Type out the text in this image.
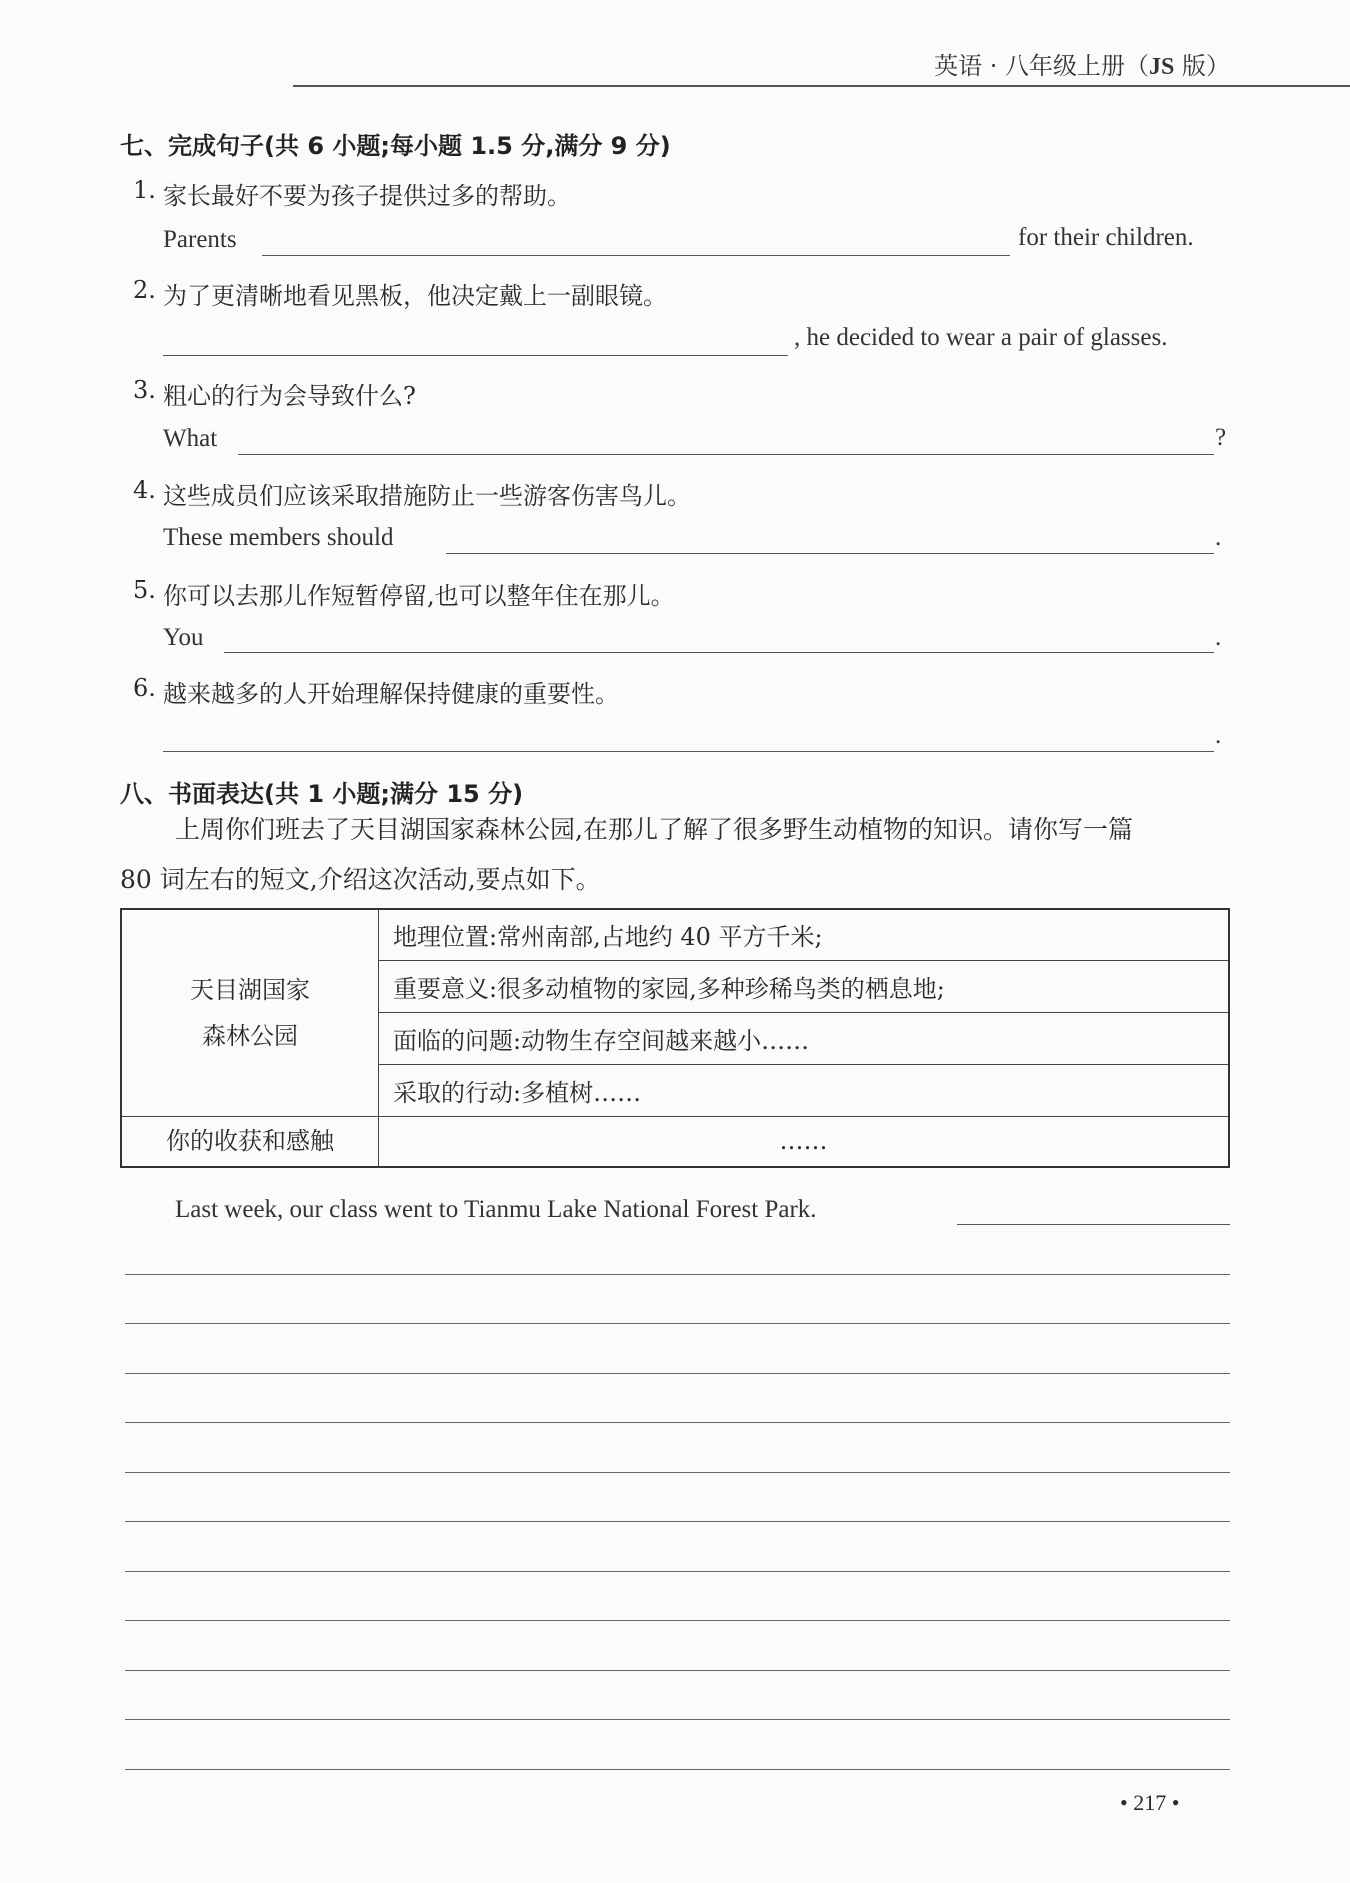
英语 · 八年级上册（JS 版）
七、完成句子(共 6 小题;每小题 1.5 分,满分 9 分)
1. 家长最好不要为孩子提供过多的帮助。
Parents	for their children.
2. 为了更清晰地看见黑板，他决定戴上一副眼镜。
, he decided to wear a pair of glasses.
3. 粗心的行为会导致什么?
What	?
4. 这些成员们应该采取措施防止一些游客伤害鸟儿。
These members should	.
5. 你可以去那儿作短暂停留,也可以整年住在那儿。
You	.
6. 越来越多的人开始理解保持健康的重要性。
.
八、书面表达(共 1 小题;满分 15 分)
上周你们班去了天目湖国家森林公园,在那儿了解了很多野生动植物的知识。请你写一篇
80 词左右的短文,介绍这次活动,要点如下。
天目湖国家
森林公园	地理位置:常州南部,占地约 40 平方千米;
	重要意义:很多动植物的家园,多种珍稀鸟类的栖息地;
	面临的问题:动物生存空间越来越小……
	采取的行动:多植树……
你的收获和感触	……
Last week, our class went to Tianmu Lake National Forest Park.
• 217 •
